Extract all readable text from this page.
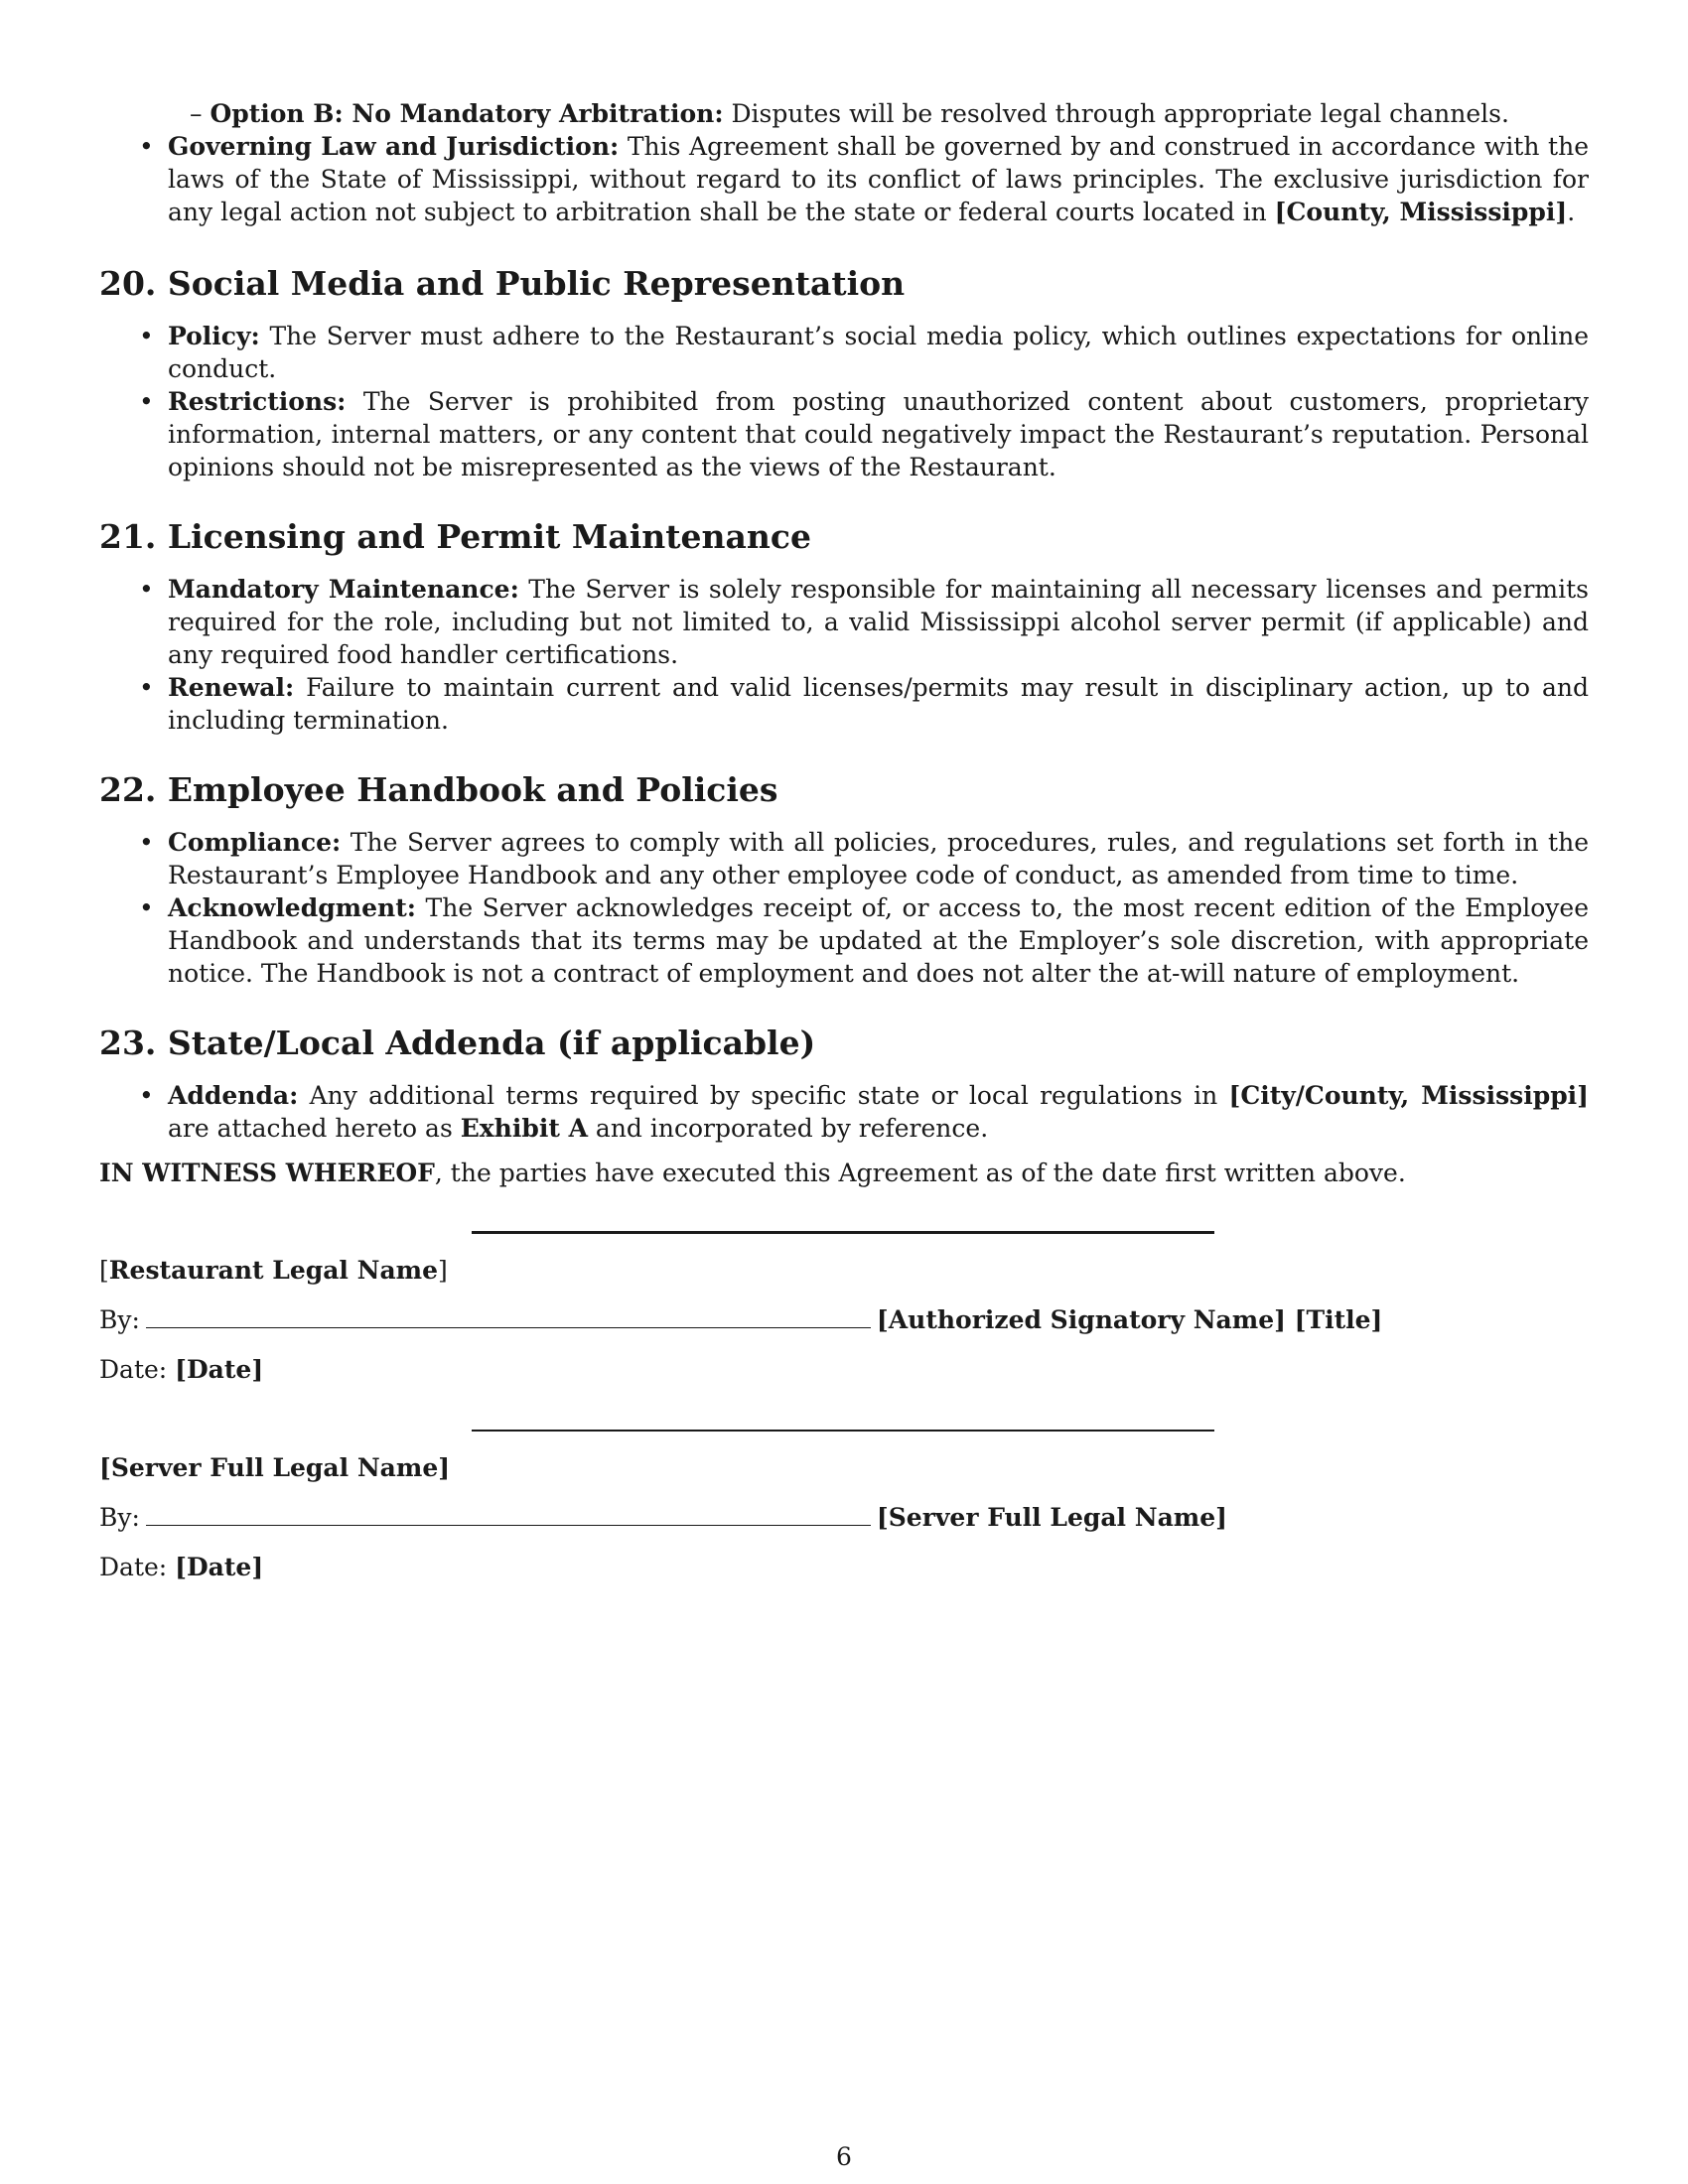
– Option B: No Mandatory Arbitration: Disputes will be resolved through appropriate legal channels.

• Governing Law and Jurisdiction: This Agreement shall be governed by and construed in accordance with the laws of the State of Mississippi, without regard to its conflict of laws principles. The exclusive jurisdiction for any legal action not subject to arbitration shall be the state or federal courts located in [County, Mississippi].
20. Social Media and Public Representation
• Policy: The Server must adhere to the Restaurant’s social media policy, which outlines expectations for online conduct.
• Restrictions: The Server is prohibited from posting unauthorized content about customers, proprietary information, internal matters, or any content that could negatively impact the Restaurant’s reputation. Personal opinions should not be misrepresented as the views of the Restaurant.
21. Licensing and Permit Maintenance
• Mandatory Maintenance: The Server is solely responsible for maintaining all necessary licenses and permits required for the role, including but not limited to, a valid Mississippi alcohol server permit (if applicable) and any required food handler certifications.
• Renewal: Failure to maintain current and valid licenses/permits may result in disciplinary action, up to and including termination.
22. Employee Handbook and Policies
• Compliance: The Server agrees to comply with all policies, procedures, rules, and regulations set forth in the Restaurant’s Employee Handbook and any other employee code of conduct, as amended from time to time.
• Acknowledgment: The Server acknowledges receipt of, or access to, the most recent edition of the Employee Handbook and understands that its terms may be updated at the Employer’s sole discretion, with appropriate notice. The Handbook is not a contract of employment and does not alter the at-will nature of employment.
23. State/Local Addenda (if applicable)
• Addenda: Any additional terms required by specific state or local regulations in [City/County, Mississippi] are attached hereto as Exhibit A and incorporated by reference.

IN WITNESS WHEREOF, the parties have executed this Agreement as of the date first written above.

[Restaurant Legal Name]

By:	[Authorized Signatory Name] [Title]

Date: [Date]

[Server Full Legal Name]

By:	[Server Full Legal Name]

Date: [Date]

6
